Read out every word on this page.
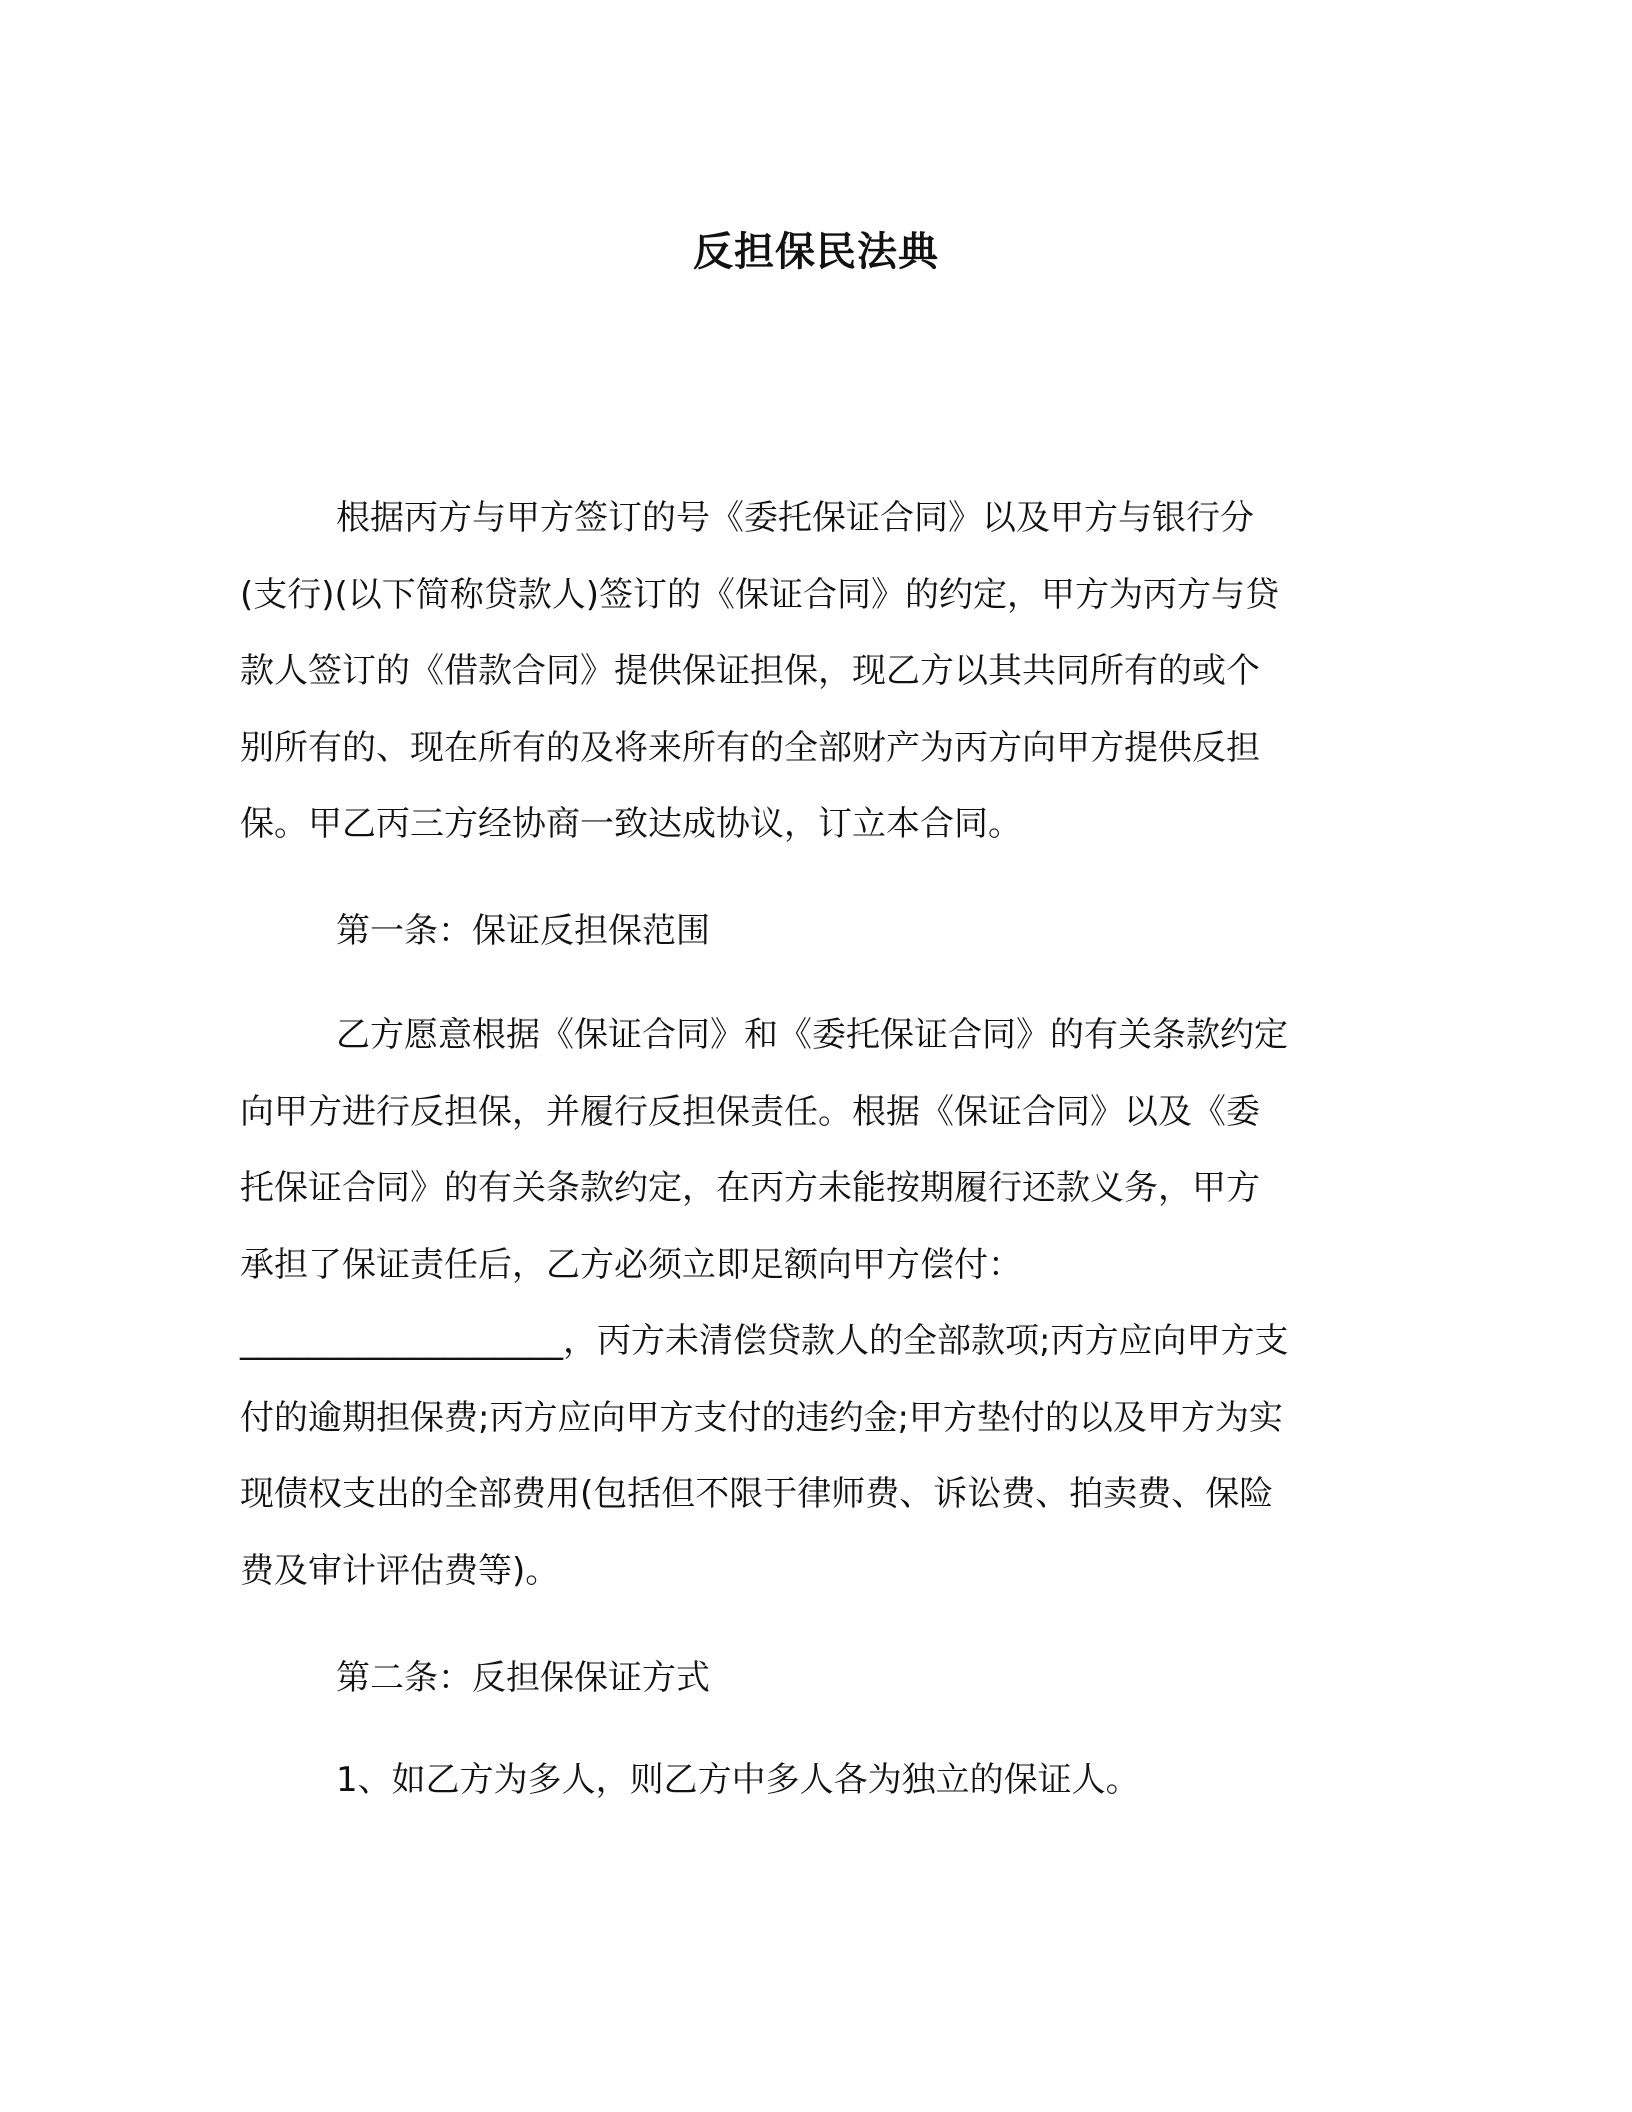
反担保民法典
根据丙方与甲方签订的号《委托保证合同》以及甲方与银行分
(支行)(以下简称贷款人)签订的《保证合同》的约定，甲方为丙方与贷
款人签订的《借款合同》提供保证担保，现乙方以其共同所有的或个
别所有的、现在所有的及将来所有的全部财产为丙方向甲方提供反担
保。甲乙丙三方经协商一致达成协议，订立本合同。
第一条：保证反担保范围
乙方愿意根据《保证合同》和《委托保证合同》的有关条款约定
向甲方进行反担保，并履行反担保责任。根据《保证合同》以及《委
托保证合同》的有关条款约定，在丙方未能按期履行还款义务，甲方
承担了保证责任后，乙方必须立即足额向甲方偿付：
___________________，丙方未清偿贷款人的全部款项;丙方应向甲方支
付的逾期担保费;丙方应向甲方支付的违约金;甲方垫付的以及甲方为实
现债权支出的全部费用(包括但不限于律师费、诉讼费、拍卖费、保险
费及审计评估费等)。
第二条：反担保保证方式
1、如乙方为多人，则乙方中多人各为独立的保证人。
